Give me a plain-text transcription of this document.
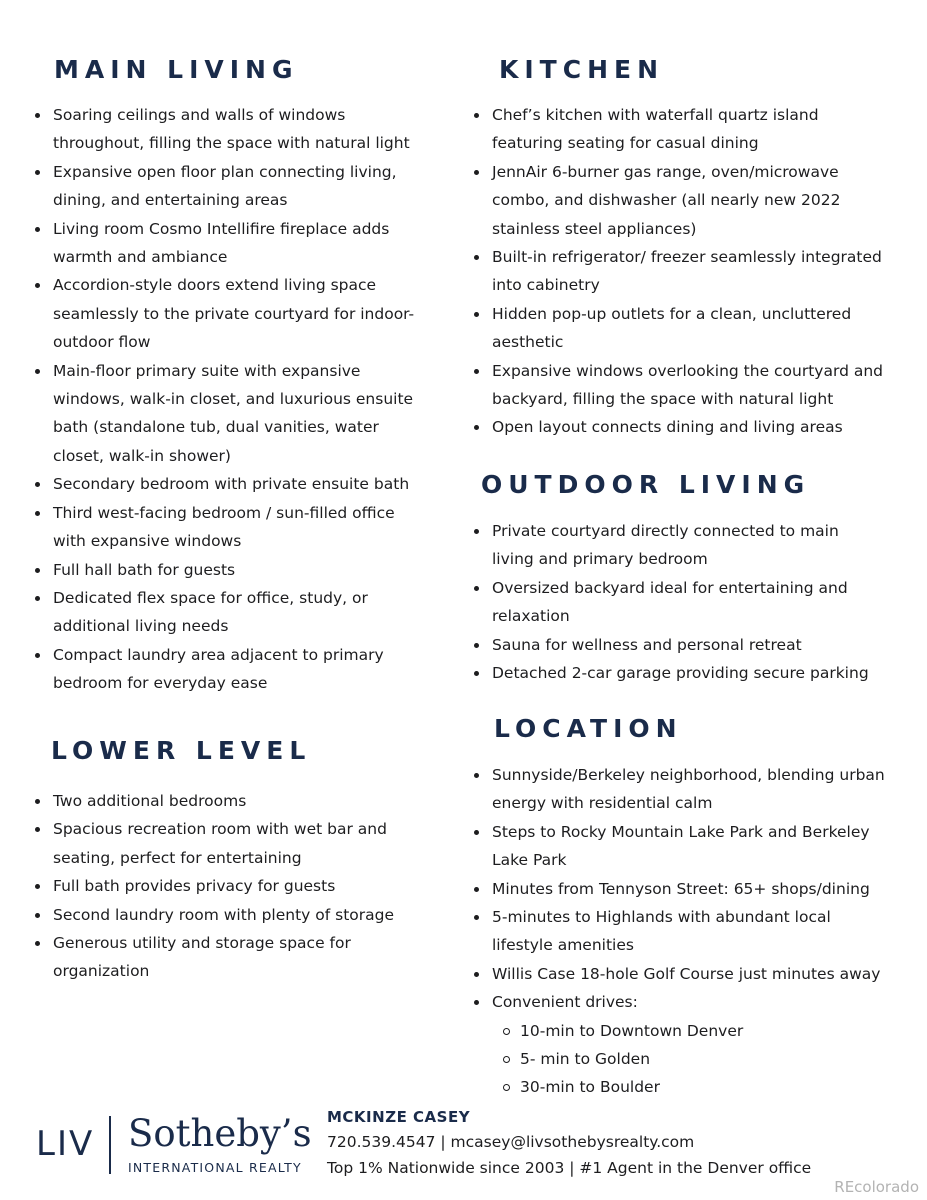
MAIN LIVING
Soaring ceilings and walls of windows throughout, filling the space with natural light
Expansive open floor plan connecting living, dining, and entertaining areas
Living room Cosmo Intellifire fireplace adds warmth and ambiance
Accordion-style doors extend living space seamlessly to the private courtyard for indoor-outdoor flow
Main-floor primary suite with expansive windows, walk-in closet, and luxurious ensuite bath (standalone tub, dual vanities, water closet, walk-in shower)
Secondary bedroom with private ensuite bath
Third west-facing bedroom / sun-filled office with expansive windows
Full hall bath for guests
Dedicated flex space for office, study, or additional living needs
Compact laundry area adjacent to primary bedroom for everyday ease
LOWER LEVEL
Two additional bedrooms
Spacious recreation room with wet bar and seating, perfect for entertaining
Full bath provides privacy for guests
Second laundry room with plenty of storage
Generous utility and storage space for organization
KITCHEN
Chef’s kitchen with waterfall quartz island featuring seating for casual dining
JennAir 6-burner gas range, oven/microwave combo, and dishwasher (all nearly new 2022 stainless steel appliances)
Built-in refrigerator/ freezer seamlessly integrated into cabinetry
Hidden pop-up outlets for a clean, uncluttered aesthetic
Expansive windows overlooking the courtyard and backyard, filling the space with natural light
Open layout connects dining and living areas
OUTDOOR LIVING
Private courtyard directly connected to main living and primary bedroom
Oversized backyard ideal for entertaining and relaxation
Sauna for wellness and personal retreat
Detached 2-car garage providing secure parking
LOCATION
Sunnyside/Berkeley neighborhood, blending urban energy with residential calm
Steps to Rocky Mountain Lake Park and Berkeley Lake Park
Minutes from Tennyson Street: 65+ shops/dining
5-minutes to Highlands with abundant local lifestyle amenities
Willis Case 18-hole Golf Course just minutes away
Convenient drives:
10-min to Downtown Denver
5- min to Golden
30-min to Boulder
LIV Sotheby’s
INTERNATIONAL REALTY
MCKINZE CASEY
720.539.4547 | mcasey@livsothebysrealty.com
Top 1% Nationwide since 2003 | #1 Agent in the Denver office
REcolorado
